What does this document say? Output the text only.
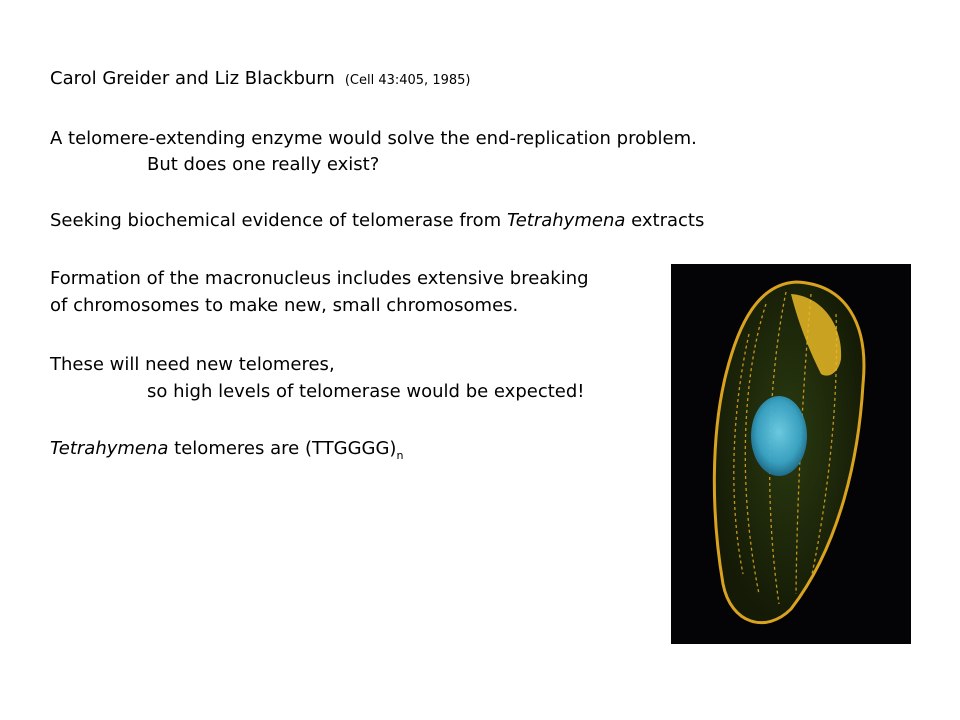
Carol Greider and Liz Blackburn (Cell 43:405, 1985)
A telomere-extending enzyme would solve the end-replication problem.
But does one really exist?
Seeking biochemical evidence of telomerase from Tetrahymena extracts
Formation of the macronucleus includes extensive breaking
of chromosomes to make new, small chromosomes.
These will need new telomeres,
so high levels of telomerase would be expected!
Tetrahymena telomeres are $(TTGGGG)_n$
